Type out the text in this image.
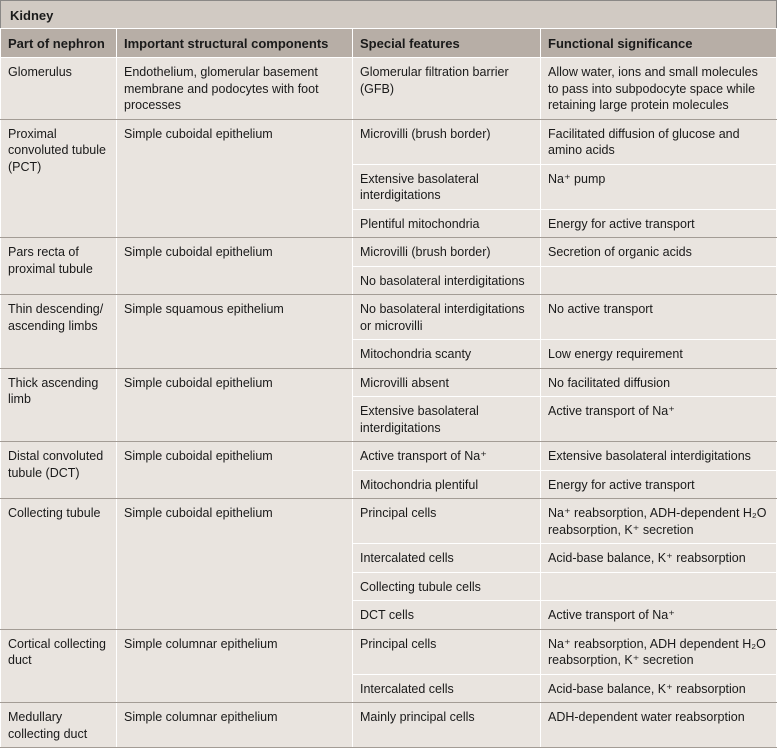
Kidney
Part of nephron	Important structural components	Special features	Functional significance
Glomerulus	Endothelium, glomerular basement membrane and podocytes with foot processes	Glomerular filtration barrier (GFB)	Allow water, ions and small molecules to pass into subpodocyte space while retaining large protein molecules
Proximal convoluted tubule (PCT)	Simple cuboidal epithelium	Microvilli (brush border)	Facilitated diffusion of glucose and amino acids
		Extensive basolateral interdigitations	Na⁺ pump
		Plentiful mitochondria	Energy for active transport
Pars recta of proximal tubule	Simple cuboidal epithelium	Microvilli (brush border)	Secretion of organic acids
		No basolateral interdigitations	
Thin descending/ ascending limbs	Simple squamous epithelium	No basolateral interdigitations or microvilli	No active transport
		Mitochondria scanty	Low energy requirement
Thick ascending limb	Simple cuboidal epithelium	Microvilli absent	No facilitated diffusion
		Extensive basolateral interdigitations	Active transport of Na⁺
Distal convoluted tubule (DCT)	Simple cuboidal epithelium	Active transport of Na⁺	Extensive basolateral interdigitations
		Mitochondria plentiful	Energy for active transport
Collecting tubule	Simple cuboidal epithelium	Principal cells	Na⁺ reabsorption, ADH-dependent H₂O reabsorption, K⁺ secretion
		Intercalated cells	Acid-base balance, K⁺ reabsorption
		Collecting tubule cells	
		DCT cells	Active transport of Na⁺
Cortical collecting duct	Simple columnar epithelium	Principal cells	Na⁺ reabsorption, ADH dependent H₂O reabsorption, K⁺ secretion
		Intercalated cells	Acid-base balance, K⁺ reabsorption
Medullary collecting duct	Simple columnar epithelium	Mainly principal cells	ADH-dependent water reabsorption
